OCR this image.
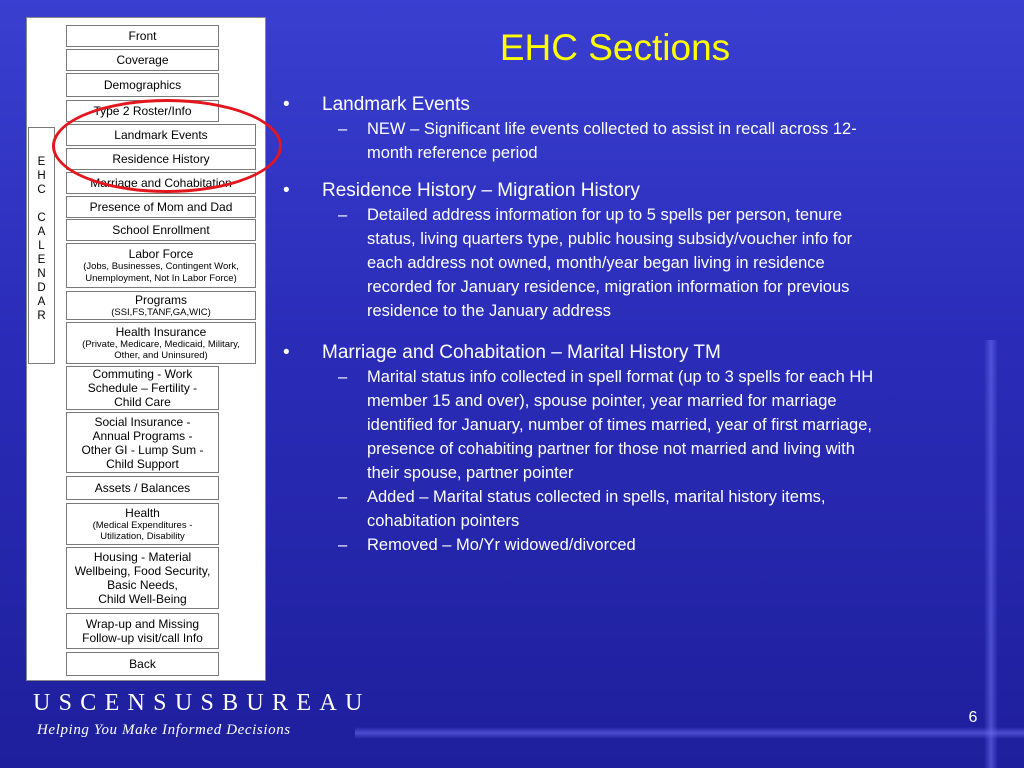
E
H
C
C
A
L
E
N
D
A
R
Front
Coverage
Demographics
Type 2 Roster/Info
Landmark Events
Residence History
Marriage and Cohabitation
Presence of Mom and Dad
School Enrollment
Labor Force
(Jobs, Businesses, Contingent Work,
Unemployment, Not In Labor Force)
Programs
(SSI,FS,TANF,GA,WIC)
Health Insurance
(Private, Medicare, Medicaid, Military,
Other, and Uninsured)
Commuting - Work
Schedule – Fertility -
Child Care
Social Insurance -
Annual Programs -
Other GI - Lump Sum -
Child Support
Assets / Balances
Health
(Medical Expenditures -
Utilization, Disability
Housing - Material
Wellbeing, Food Security,
Basic Needs,
Child Well-Being
Wrap-up and Missing
Follow-up visit/call Info
Back
EHC Sections
• Landmark Events
– NEW – Significant life events collected to assist in recall across 12-
month reference period
• Residence History – Migration History
– Detailed address information for up to 5 spells per person, tenure
status, living quarters type, public housing subsidy/voucher info for
each address not owned, month/year began living in residence
recorded for January residence, migration information for previous
residence to the January address
• Marriage and Cohabitation – Marital History TM
– Marital status info collected in spell format (up to 3 spells for each HH
member 15 and over), spouse pointer, year married for marriage
identified for January, number of times married, year of first marriage,
presence of cohabiting partner for those not married and living with
their spouse, partner pointer
– Added – Marital status collected in spells, marital history items,
cohabitation pointers
– Removed – Mo/Yr widowed/divorced
USCENSUSBUREAU
Helping You Make Informed Decisions
6
